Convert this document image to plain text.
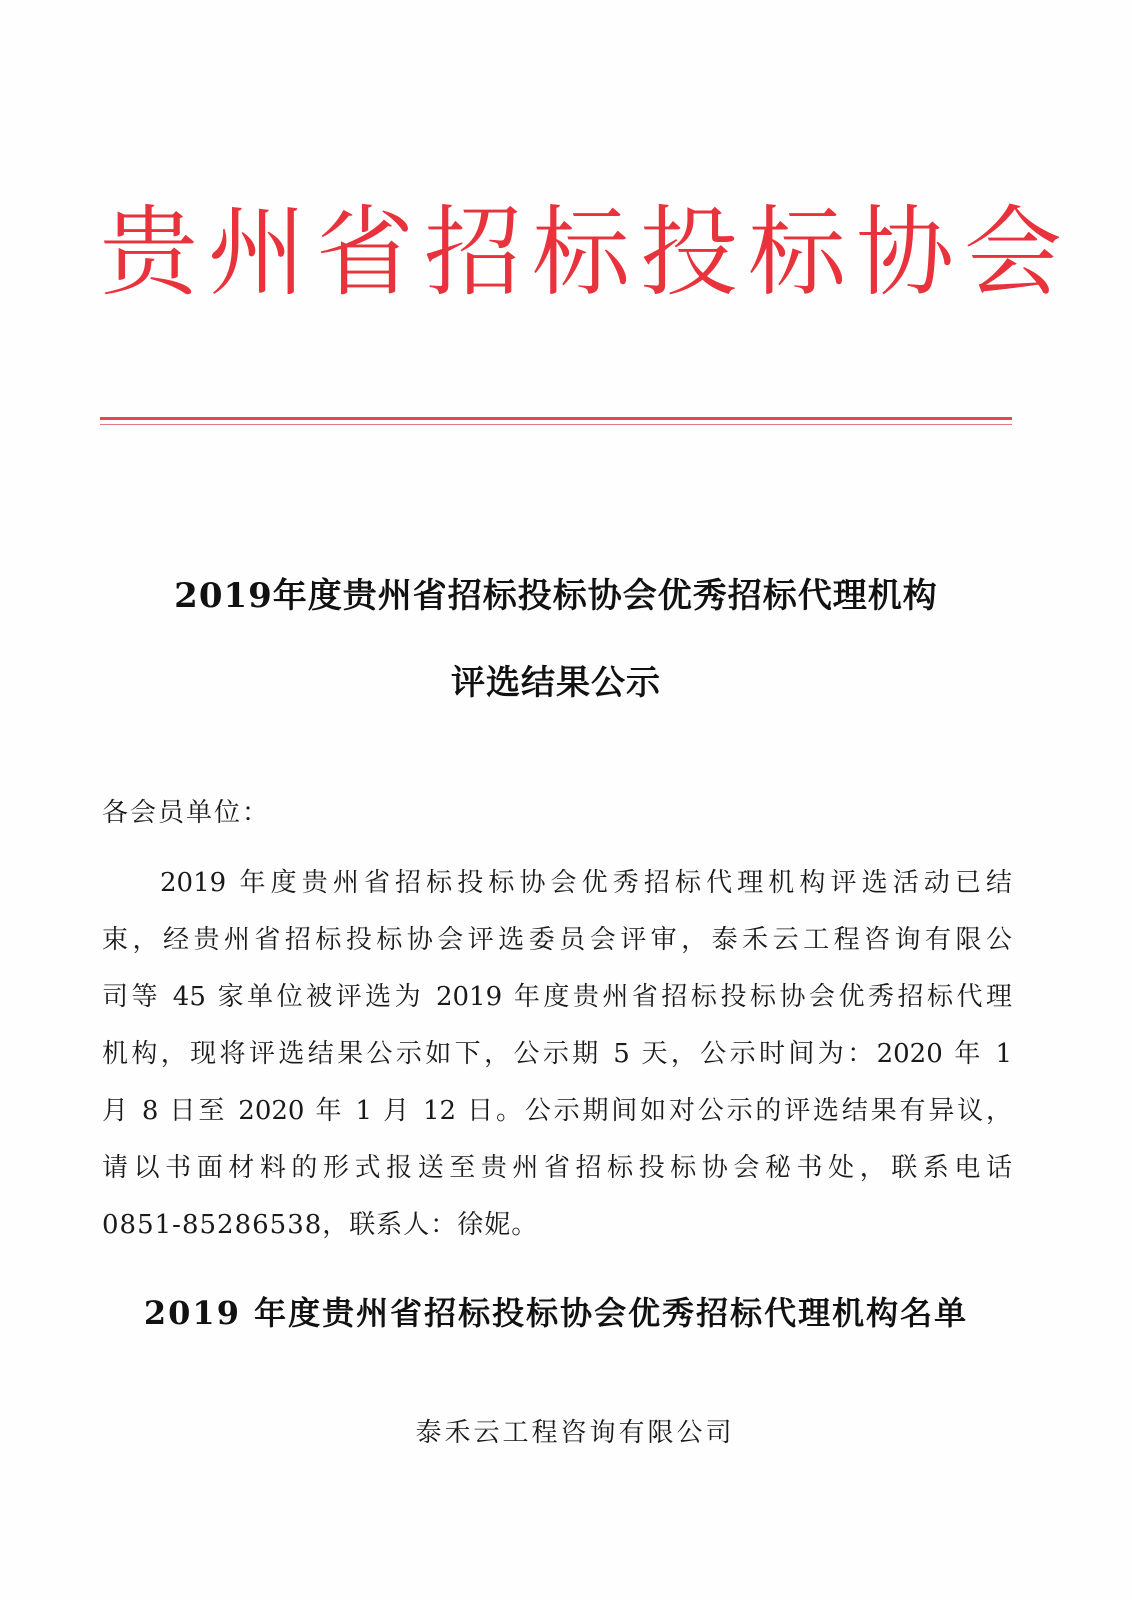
贵州省招标投标协会
2019年度贵州省招标投标协会优秀招标代理机构
评选结果公示
各会员单位：
2019 年度贵州省招标投标协会优秀招标代理机构评选活动已结
束，经贵州省招标投标协会评选委员会评审，泰禾云工程咨询有限公
司等 45 家单位被评选为 2019 年度贵州省招标投标协会优秀招标代理
机构，现将评选结果公示如下，公示期 5 天，公示时间为：2020 年 1
月 8 日至 2020 年 1 月 12 日。公示期间如对公示的评选结果有异议，
请以书面材料的形式报送至贵州省招标投标协会秘书处，联系电话
0851-85286538，联系人：徐妮。
2019 年度贵州省招标投标协会优秀招标代理机构名单
泰禾云工程咨询有限公司
